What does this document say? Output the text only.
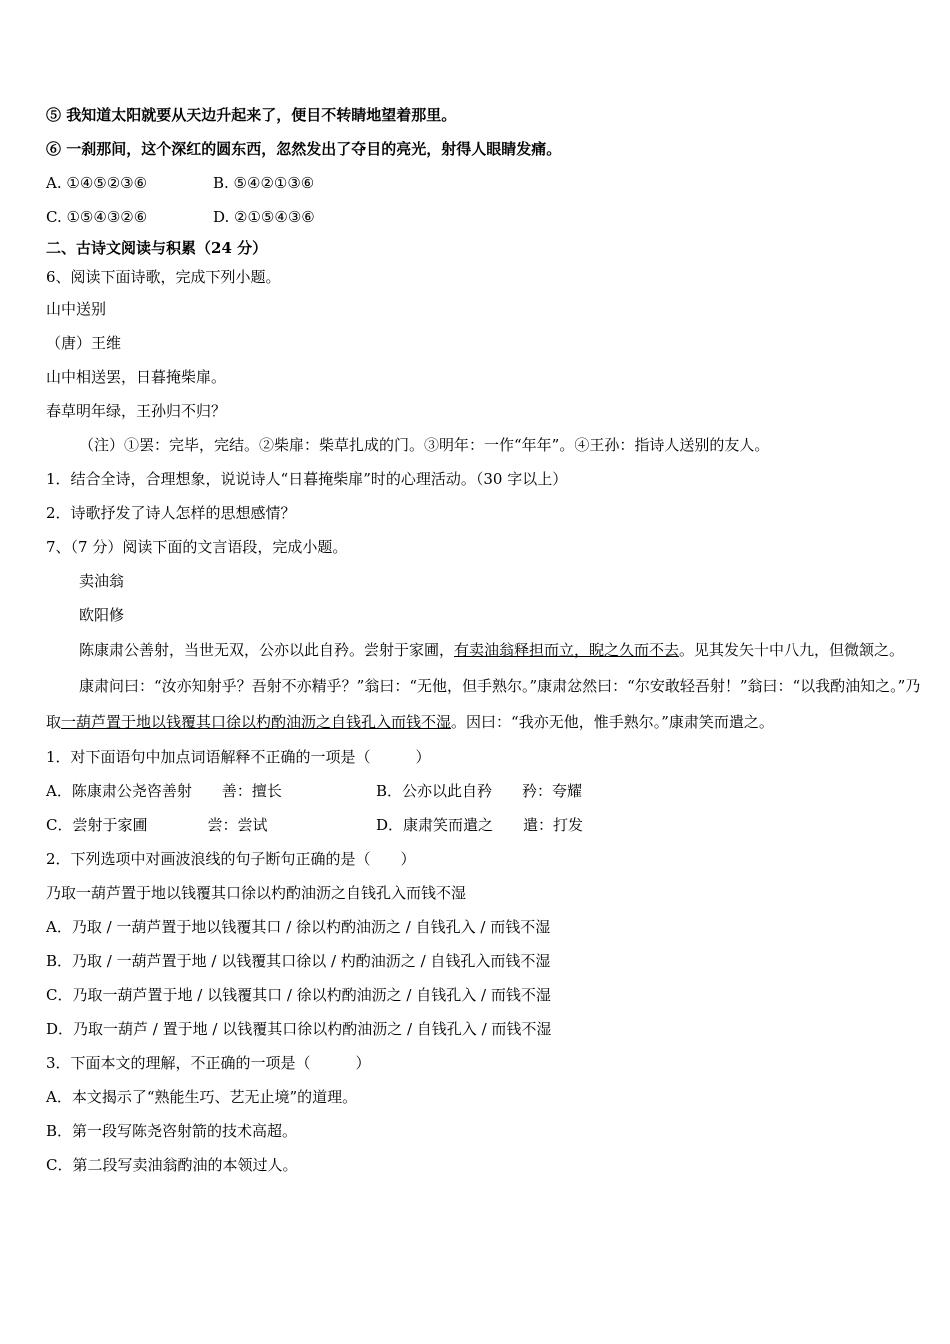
⑤ 我知道太阳就要从天边升起来了，便目不转睛地望着那里。
⑥ 一刹那间，这个深红的圆东西，忽然发出了夺目的亮光，射得人眼睛发痛。
A. ①④⑤②③⑥	B. ⑤④②①③⑥
C. ①⑤④③②⑥	D. ②①⑤④③⑥
二、古诗文阅读与积累（24 分）
6、阅读下面诗歌，完成下列小题。
山中送别
（唐）王维
山中相送罢，日暮掩柴扉。
春草明年绿，王孙归不归？
（注）①罢：完毕，完结。②柴扉：柴草扎成的门。③明年：一作“年年”。④王孙：指诗人送别的友人。
1．结合全诗，合理想象，说说诗人“日暮掩柴扉”时的心理活动。（30 字以上）
2．诗歌抒发了诗人怎样的思想感情？
7、（7 分）阅读下面的文言语段，完成小题。
卖油翁
欧阳修
陈康肃公善射，当世无双，公亦以此自矜。尝射于家圃，有卖油翁释担而立，睨之久而不去。见其发矢十中八九，但微颔之。
康肃问曰：“汝亦知射乎？吾射不亦精乎？”翁曰：“无他，但手熟尔。”康肃忿然曰：“尔安敢轻吾射！”翁曰：“以我酌油知之。”乃取一葫芦置于地以钱覆其口徐以杓酌油沥之自钱孔入而钱不湿。因曰：“我亦无他，惟手熟尔。”康肃笑而遣之。
1．对下面语句中加点词语解释不正确的一项是（　　　）
A．陈康肃公尧咨善射　　善：擅长	B．公亦以此自矜　　矜：夸耀
C．尝射于家圃　　　　尝：尝试	D．康肃笑而遣之　　遣：打发
2．下列选项中对画波浪线的句子断句正确的是（　　）
乃取一葫芦置于地以钱覆其口徐以杓酌油沥之自钱孔入而钱不湿
A．乃取 / 一葫芦置于地以钱覆其口 / 徐以杓酌油沥之 / 自钱孔入 / 而钱不湿
B．乃取 / 一葫芦置于地 / 以钱覆其口徐以 / 杓酌油沥之 / 自钱孔入而钱不湿
C．乃取一葫芦置于地 / 以钱覆其口 / 徐以杓酌油沥之 / 自钱孔入 / 而钱不湿
D．乃取一葫芦 / 置于地 / 以钱覆其口徐以杓酌油沥之 / 自钱孔入 / 而钱不湿
3．下面本文的理解，不正确的一项是（　　　）
A．本文揭示了“熟能生巧、艺无止境”的道理。
B．第一段写陈尧咨射箭的技术高超。
C．第二段写卖油翁酌油的本领过人。
